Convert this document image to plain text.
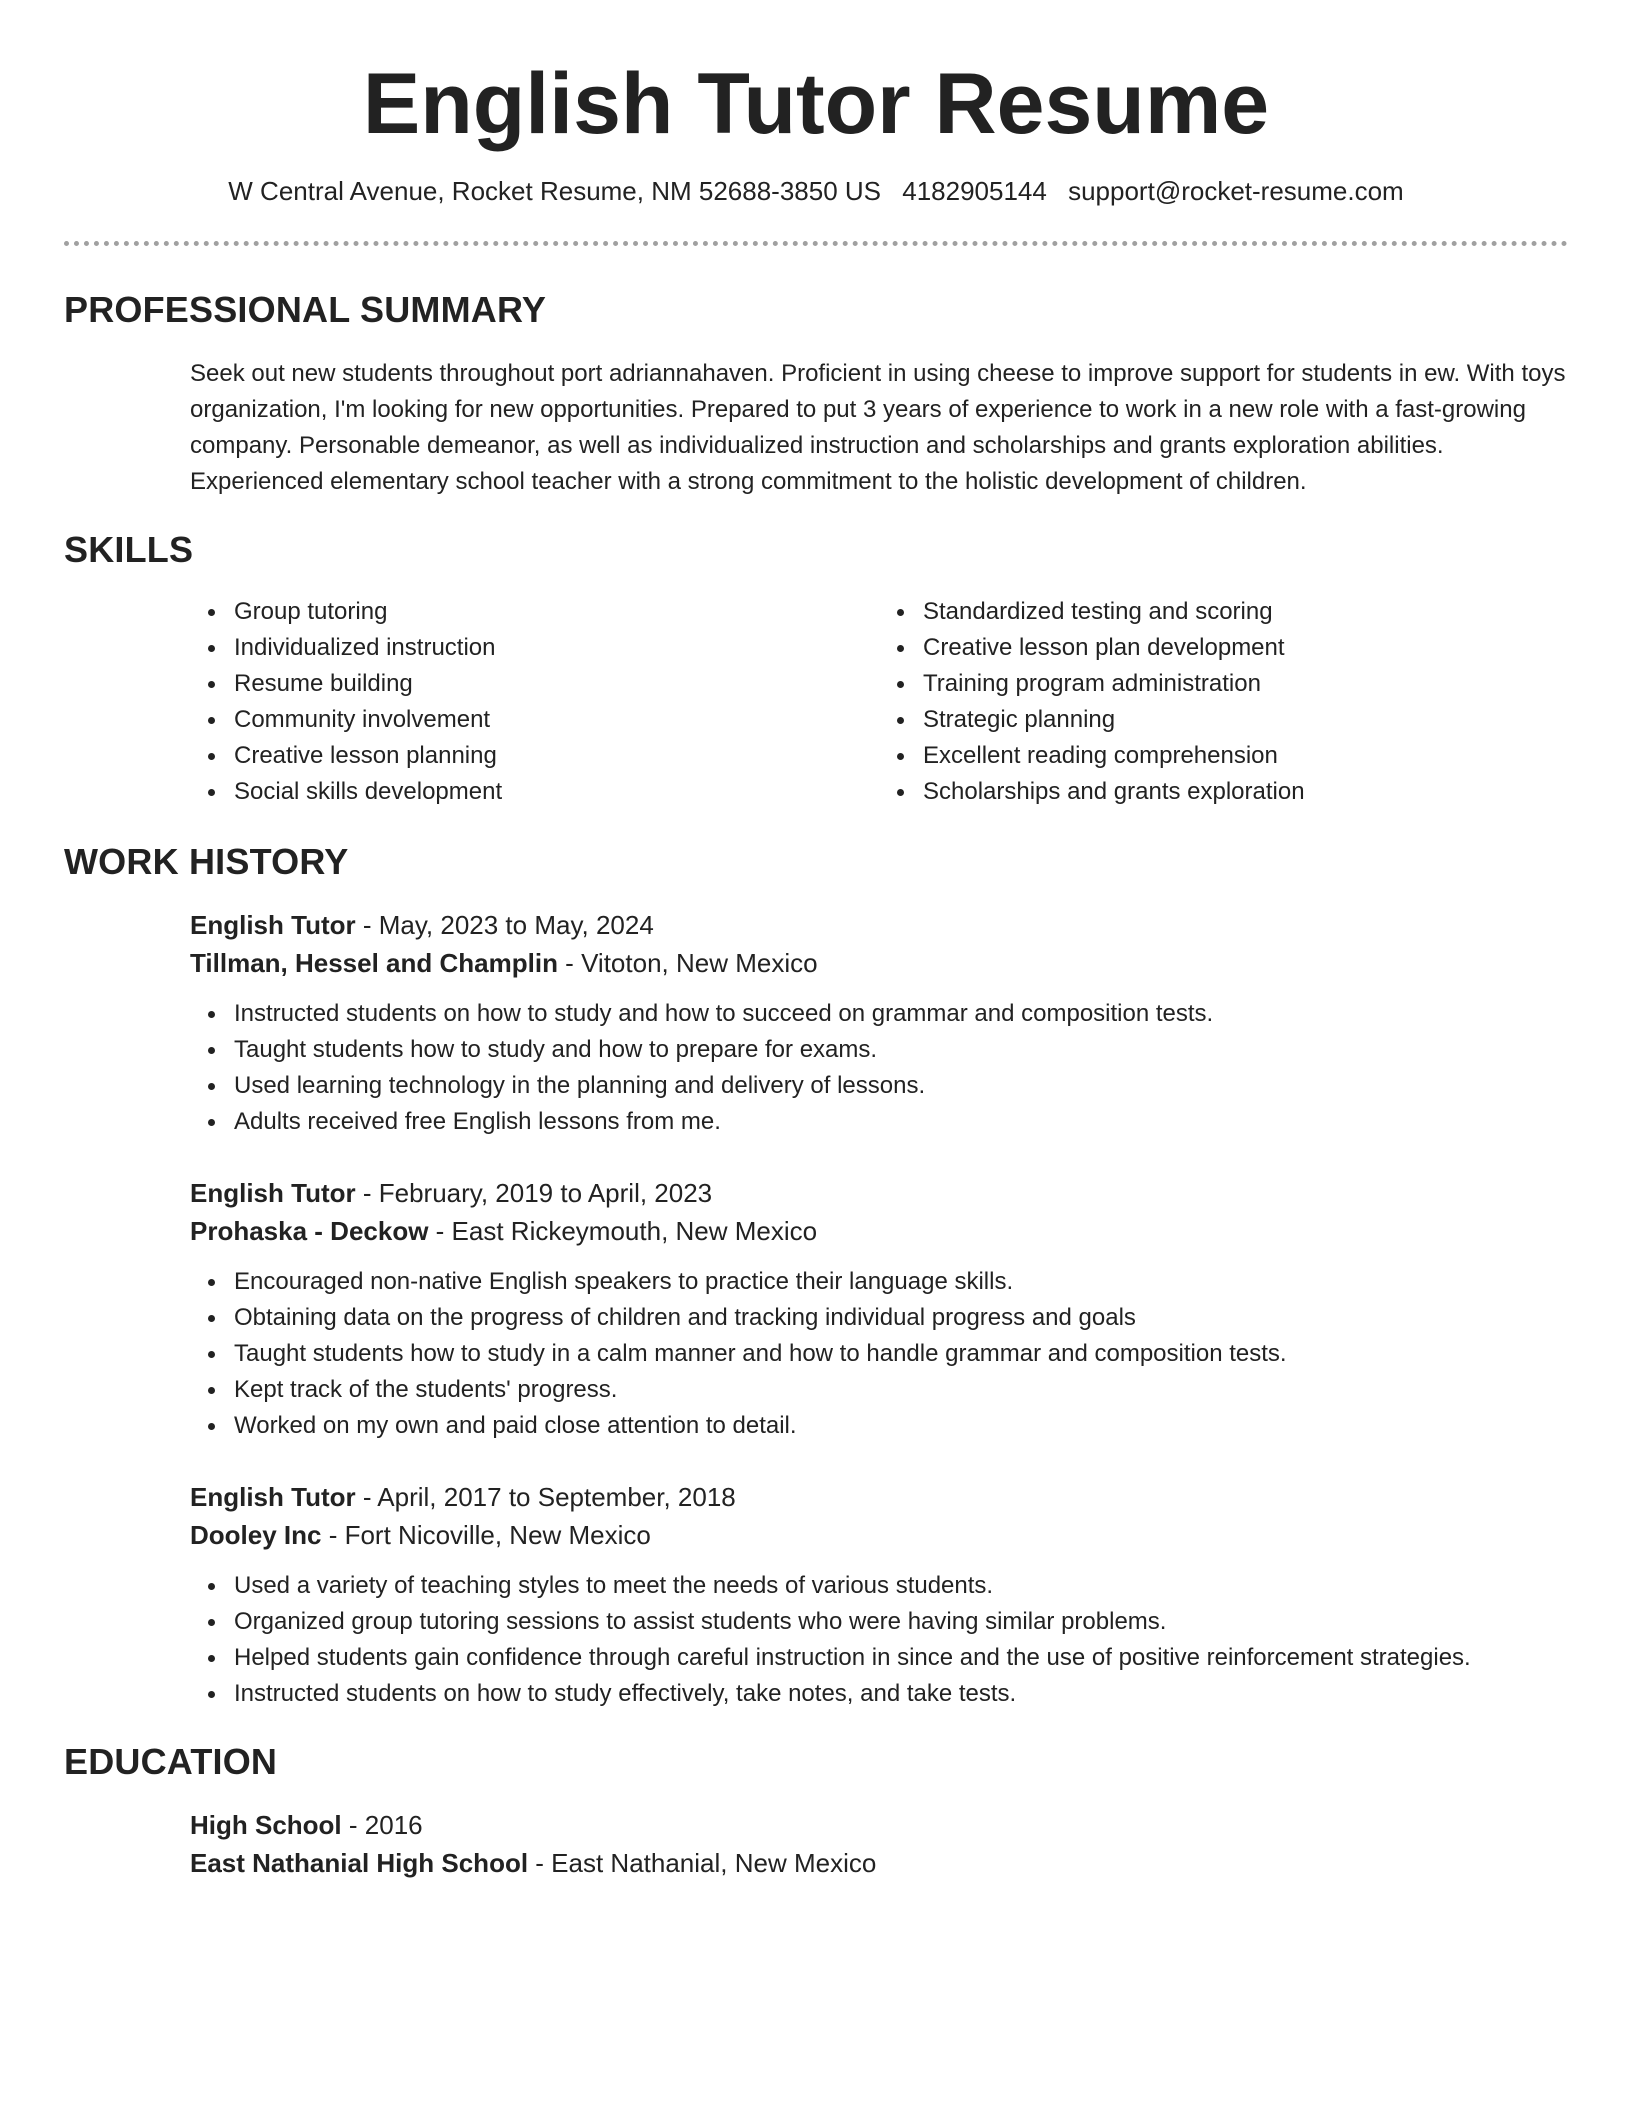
English Tutor Resume
W Central Avenue, Rocket Resume, NM 52688-3850 US 4182905144 support@rocket-resume.com
PROFESSIONAL SUMMARY

Seek out new students throughout port adriannahaven. Proficient in using cheese to improve support for students in ew. With toys organization, I'm looking for new opportunities. Prepared to put 3 years of experience to work in a new role with a fast-growing company. Personable demeanor, as well as individualized instruction and scholarships and grants exploration abilities. Experienced elementary school teacher with a strong commitment to the holistic development of children.

SKILLS
Group tutoring
Individualized instruction
Resume building
Community involvement
Creative lesson planning
Social skills development
Standardized testing and scoring
Creative lesson plan development
Training program administration
Strategic planning
Excellent reading comprehension
Scholarships and grants exploration
WORK HISTORY
English Tutor - May, 2023 to May, 2024
Tillman, Hessel and Champlin - Vitoton, New Mexico
Instructed students on how to study and how to succeed on grammar and composition tests.
Taught students how to study and how to prepare for exams.
Used learning technology in the planning and delivery of lessons.
Adults received free English lessons from me.
English Tutor - February, 2019 to April, 2023
Prohaska - Deckow - East Rickeymouth, New Mexico
Encouraged non-native English speakers to practice their language skills.
Obtaining data on the progress of children and tracking individual progress and goals
Taught students how to study in a calm manner and how to handle grammar and composition tests.
Kept track of the students' progress.
Worked on my own and paid close attention to detail.
English Tutor - April, 2017 to September, 2018
Dooley Inc - Fort Nicoville, New Mexico
Used a variety of teaching styles to meet the needs of various students.
Organized group tutoring sessions to assist students who were having similar problems.
Helped students gain confidence through careful instruction in since and the use of positive reinforcement strategies.
Instructed students on how to study effectively, take notes, and take tests.
EDUCATION
High School - 2016
East Nathanial High School - East Nathanial, New Mexico
